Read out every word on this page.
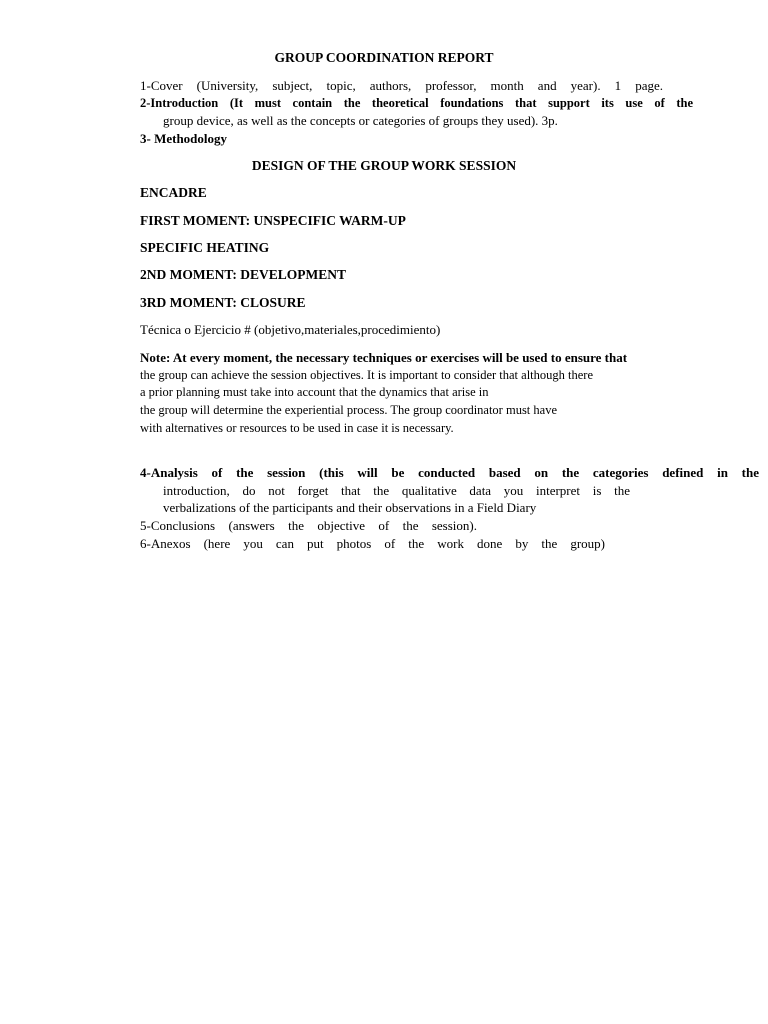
GROUP COORDINATION REPORT
1-Cover (University, subject, topic, authors, professor, month and year). 1 page.
2-Introduction (It must contain the theoretical foundations that support its use of the
group device, as well as the concepts or categories of groups they used). 3p.
3- Methodology
DESIGN OF THE GROUP WORK SESSION
ENCADRE
FIRST MOMENT: UNSPECIFIC WARM-UP
SPECIFIC HEATING
2ND MOMENT: DEVELOPMENT
3RD MOMENT: CLOSURE
Técnica o Ejercicio # (objetivo,materiales,procedimiento)
Note: At every moment, the necessary techniques or exercises will be used to ensure that
the group can achieve the session objectives. It is important to consider that although there
a prior planning must take into account that the dynamics that arise in
the group will determine the experiential process. The group coordinator must have
with alternatives or resources to be used in case it is necessary.
4-Analysis of the session (this will be conducted based on the categories defined in the
introduction, do not forget that the qualitative data you interpret is the
verbalizations of the participants and their observations in a Field Diary
5-Conclusions (answers the objective of the session).
6-Anexos (here you can put photos of the work done by the group)
